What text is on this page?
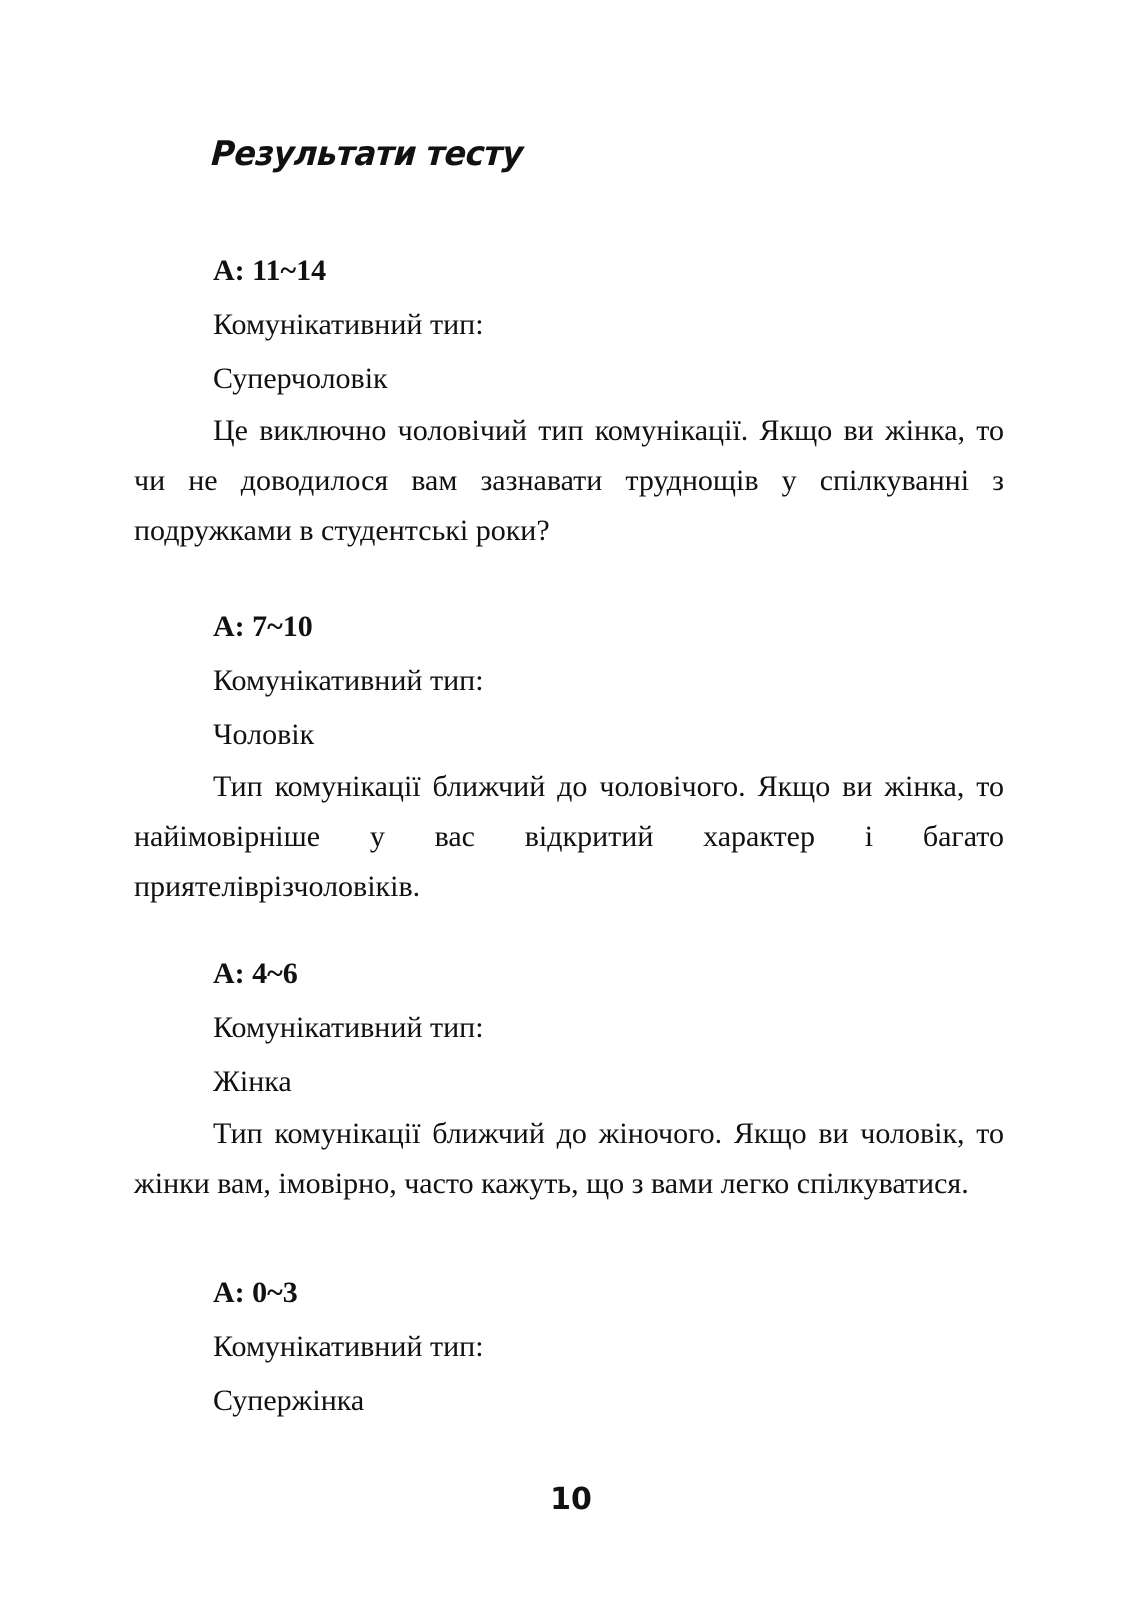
Результати тесту

А: 11~14

Комунікативний тип:

Суперчоловік

Це виключно чоловічий тип комунікації. Якщо ви жінка, то чи не доводилося вам зазнавати труднощів у спілкуванні з подружками в студентські роки?

А: 7~10

Комунікативний тип:

Чоловік

Тип комунікації ближчий до чоловічого. Якщо ви жінка, то найімовірніше у вас відкритий характер і багато приятеліврізчоловіків.

А: 4~6

Комунікативний тип:

Жінка

Тип комунікації ближчий до жіночого. Якщо ви чоловік, то жінки вам, імовірно, часто кажуть, що з вами легко спілкуватися.

А: 0~3

Комунікативний тип:

Супержінка

10
